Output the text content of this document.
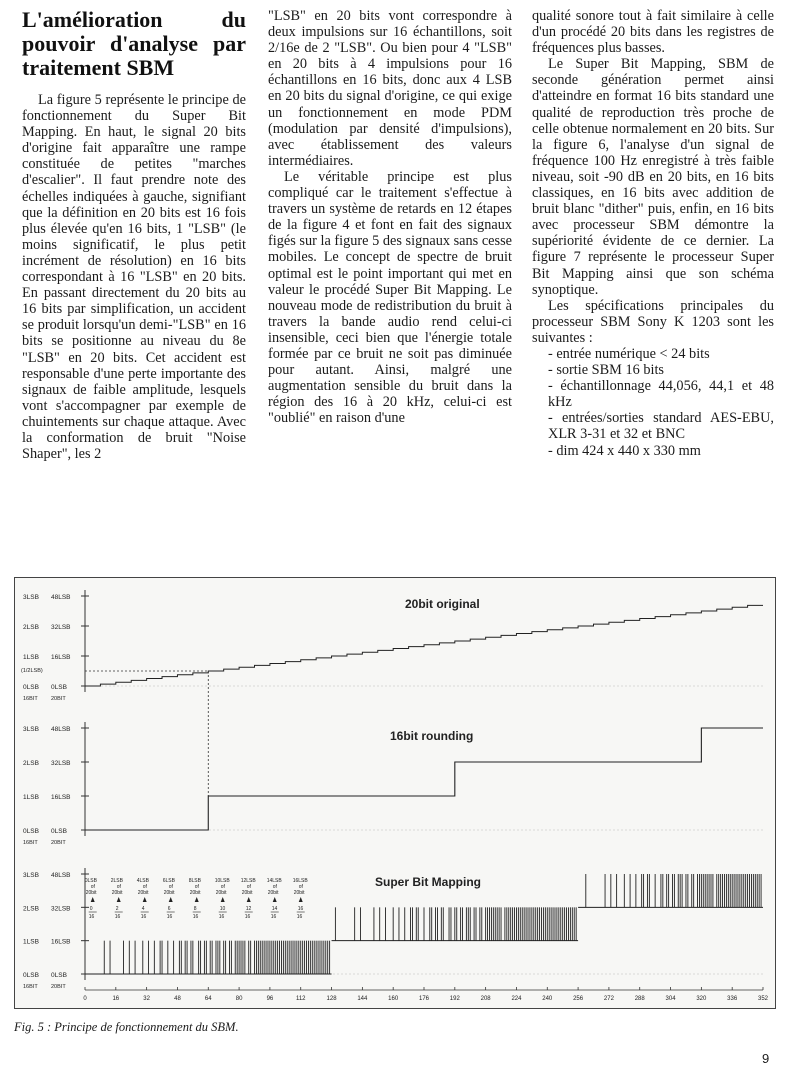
L'amélioration du pouvoir d'analyse par traitement SBM

La figure 5 représente le principe de fonctionnement du Super Bit Mapping. En haut, le signal 20 bits d'origine fait apparaître une rampe constituée de petites "marches d'escalier". Il faut prendre note des échelles indiquées à gauche, signifiant que la définition en 20 bits est 16 fois plus élevée qu'en 16 bits, 1 "LSB" (le moins significatif, le plus petit incrément de résolution) en 16 bits correspondant à 16 "LSB" en 20 bits. En passant directement du 20 bits au 16 bits par simplification, un accident se produit lorsqu'un demi-"LSB" en 16 bits se positionne au niveau du 8e "LSB" en 20 bits. Cet accident est responsable d'une perte importante des signaux de faible amplitude, lesquels vont s'accompagner par exemple de chuintements sur chaque attaque. Avec la conformation de bruit "Noise Shaper", les 2

"LSB" en 20 bits vont correspondre à deux impulsions sur 16 échantillons, soit 2/16e de 2 "LSB". Ou bien pour 4 "LSB" en 20 bits à 4 impulsions pour 16 échantillons en 16 bits, donc aux 4 LSB en 20 bits du signal d'origine, ce qui exige un fonctionnement en mode PDM (modulation par densité d'impulsions), avec établissement des valeurs intermédiaires.

Le véritable principe est plus compliqué car le traitement s'effectue à travers un système de retards en 12 étapes de la figure 4 et font en fait des signaux figés sur la figure 5 des signaux sans cesse mobiles. Le concept de spectre de bruit optimal est le point important qui met en valeur le procédé Super Bit Mapping. Le nouveau mode de redistribution du bruit à travers la bande audio rend celui-ci insensible, ceci bien que l'énergie totale formée par ce bruit ne soit pas diminuée pour autant. Ainsi, malgré une augmentation sensible du bruit dans la région des 16 à 20 kHz, celui-ci est "oublié" en raison d'une

qualité sonore tout à fait similaire à celle d'un procédé 20 bits dans les registres de fréquences plus basses.

Le Super Bit Mapping, SBM de seconde génération permet ainsi d'atteindre en format 16 bits standard une qualité de reproduction très proche de celle obtenue normalement en 20 bits. Sur la figure 6, l'analyse d'un signal de fréquence 100 Hz enregistré à très faible niveau, soit -90 dB en 20 bits, en 16 bits classiques, en 16 bits avec addition de bruit blanc "dither" puis, enfin, en 16 bits avec processeur SBM démontre la supériorité évidente de ce dernier. La figure 7 représente le processeur Super Bit Mapping ainsi que son schéma synoptique.

Les spécifications principales du processeur SBM Sony K 1203 sont les suivantes :

- entrée numérique < 24 bits

- sortie SBM 16 bits

- échantillonnage 44,056, 44,1 et 48 kHz

- entrées/sorties standard AES-EBU, XLR 3-31 et 32 et BNC

- dim 424 x 440 x 330 mm

3LSB 48LSB
2LSB 32LSB
1LSB 16LSB
0LSB 0LSB
16BIT 20BIT
20bit original
3LSB 48LSB
2LSB 32LSB
1LSB 16LSB
0LSB 0LSB
16BIT 20BIT
16bit rounding
3LSB 48LSB
2LSB 32LSB
1LSB 16LSB
0LSB 0LSB
16BIT 20BIT
Super Bit Mapping
(1/2LSB)
0LSB
of
20bit
0
16
2LSB
of
20bit
2
16
4LSB
of
20bit
4
16
6LSB
of
20bit
6
16
8LSB
of
20bit
8
16
10LSB
of
20bit
10
16
12LSB
of
20bit
12
16
14LSB
of
20bit
14
16
16LSB
of
20bit
16
16
0	16	32	48	64	80	96	112	128	144	160	176	192	208	224	240	256	272	288	304	320	336	352
Fig. 5 : Principe de fonctionnement du SBM.
9
